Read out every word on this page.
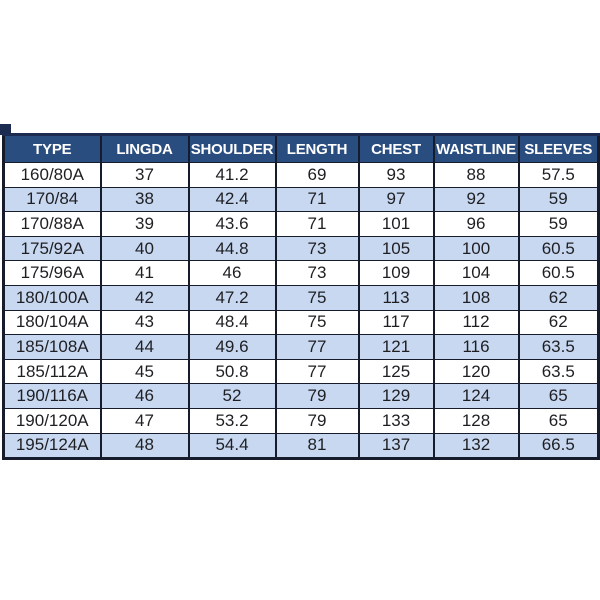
TYPE	LINGDA	SHOULDER	LENGTH	CHEST	WAISTLINE	SLEEVES
160/80A	37	41.2	69	93	88	57.5
170/84	38	42.4	71	97	92	59
170/88A	39	43.6	71	101	96	59
175/92A	40	44.8	73	105	100	60.5
175/96A	41	46	73	109	104	60.5
180/100A	42	47.2	75	113	108	62
180/104A	43	48.4	75	117	112	62
185/108A	44	49.6	77	121	116	63.5
185/112A	45	50.8	77	125	120	63.5
190/116A	46	52	79	129	124	65
190/120A	47	53.2	79	133	128	65
195/124A	48	54.4	81	137	132	66.5
